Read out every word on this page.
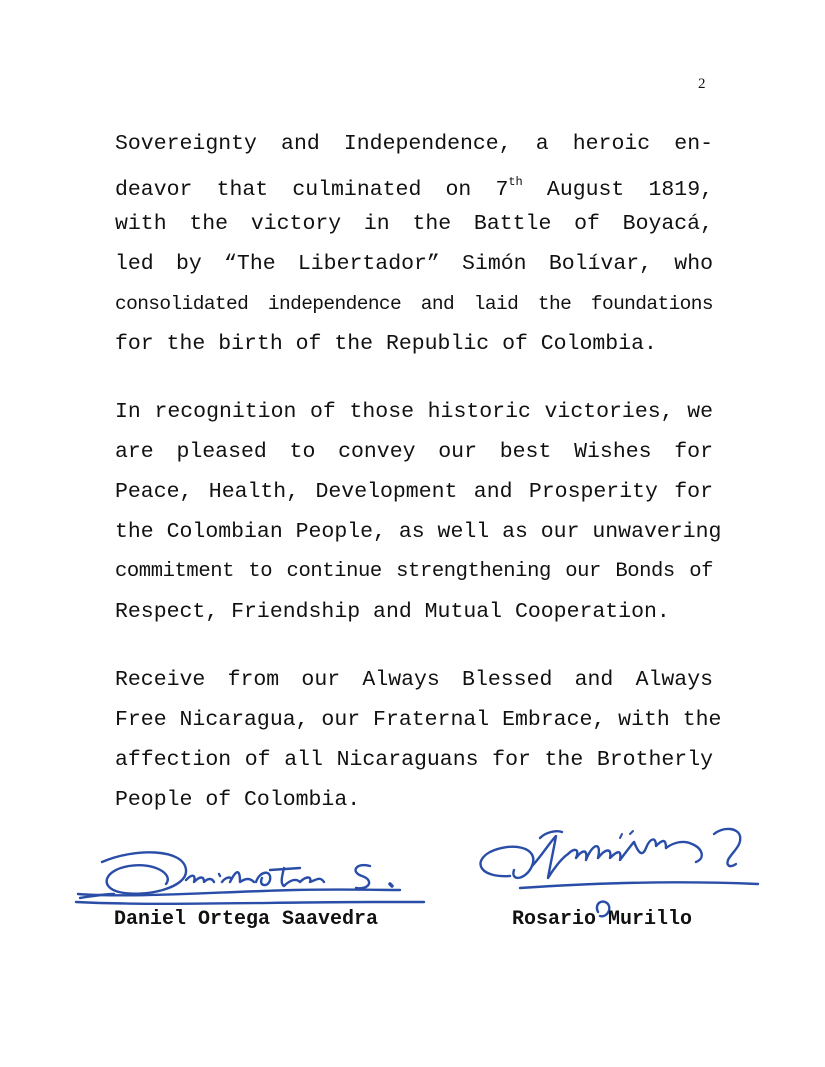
2
Sovereignty and Independence, a heroic en-
deavor that culminated on 7th August 1819,
with the victory in the Battle of Boyacá,
led by “The Libertador” Simón Bolívar, who
consolidated independence and laid the foundations
for the birth of the Republic of Colombia.
In recognition of those historic victories, we
are pleased to convey our best Wishes for
Peace, Health, Development and Prosperity for
the Colombian People, as well as our unwavering
commitment to continue strengthening our Bonds of
Respect, Friendship and Mutual Cooperation.
Receive from our Always Blessed and Always
Free Nicaragua, our Fraternal Embrace, with the
affection of all Nicaraguans for the Brotherly
People of Colombia.
Daniel Ortega Saavedra	Rosario Murillo
